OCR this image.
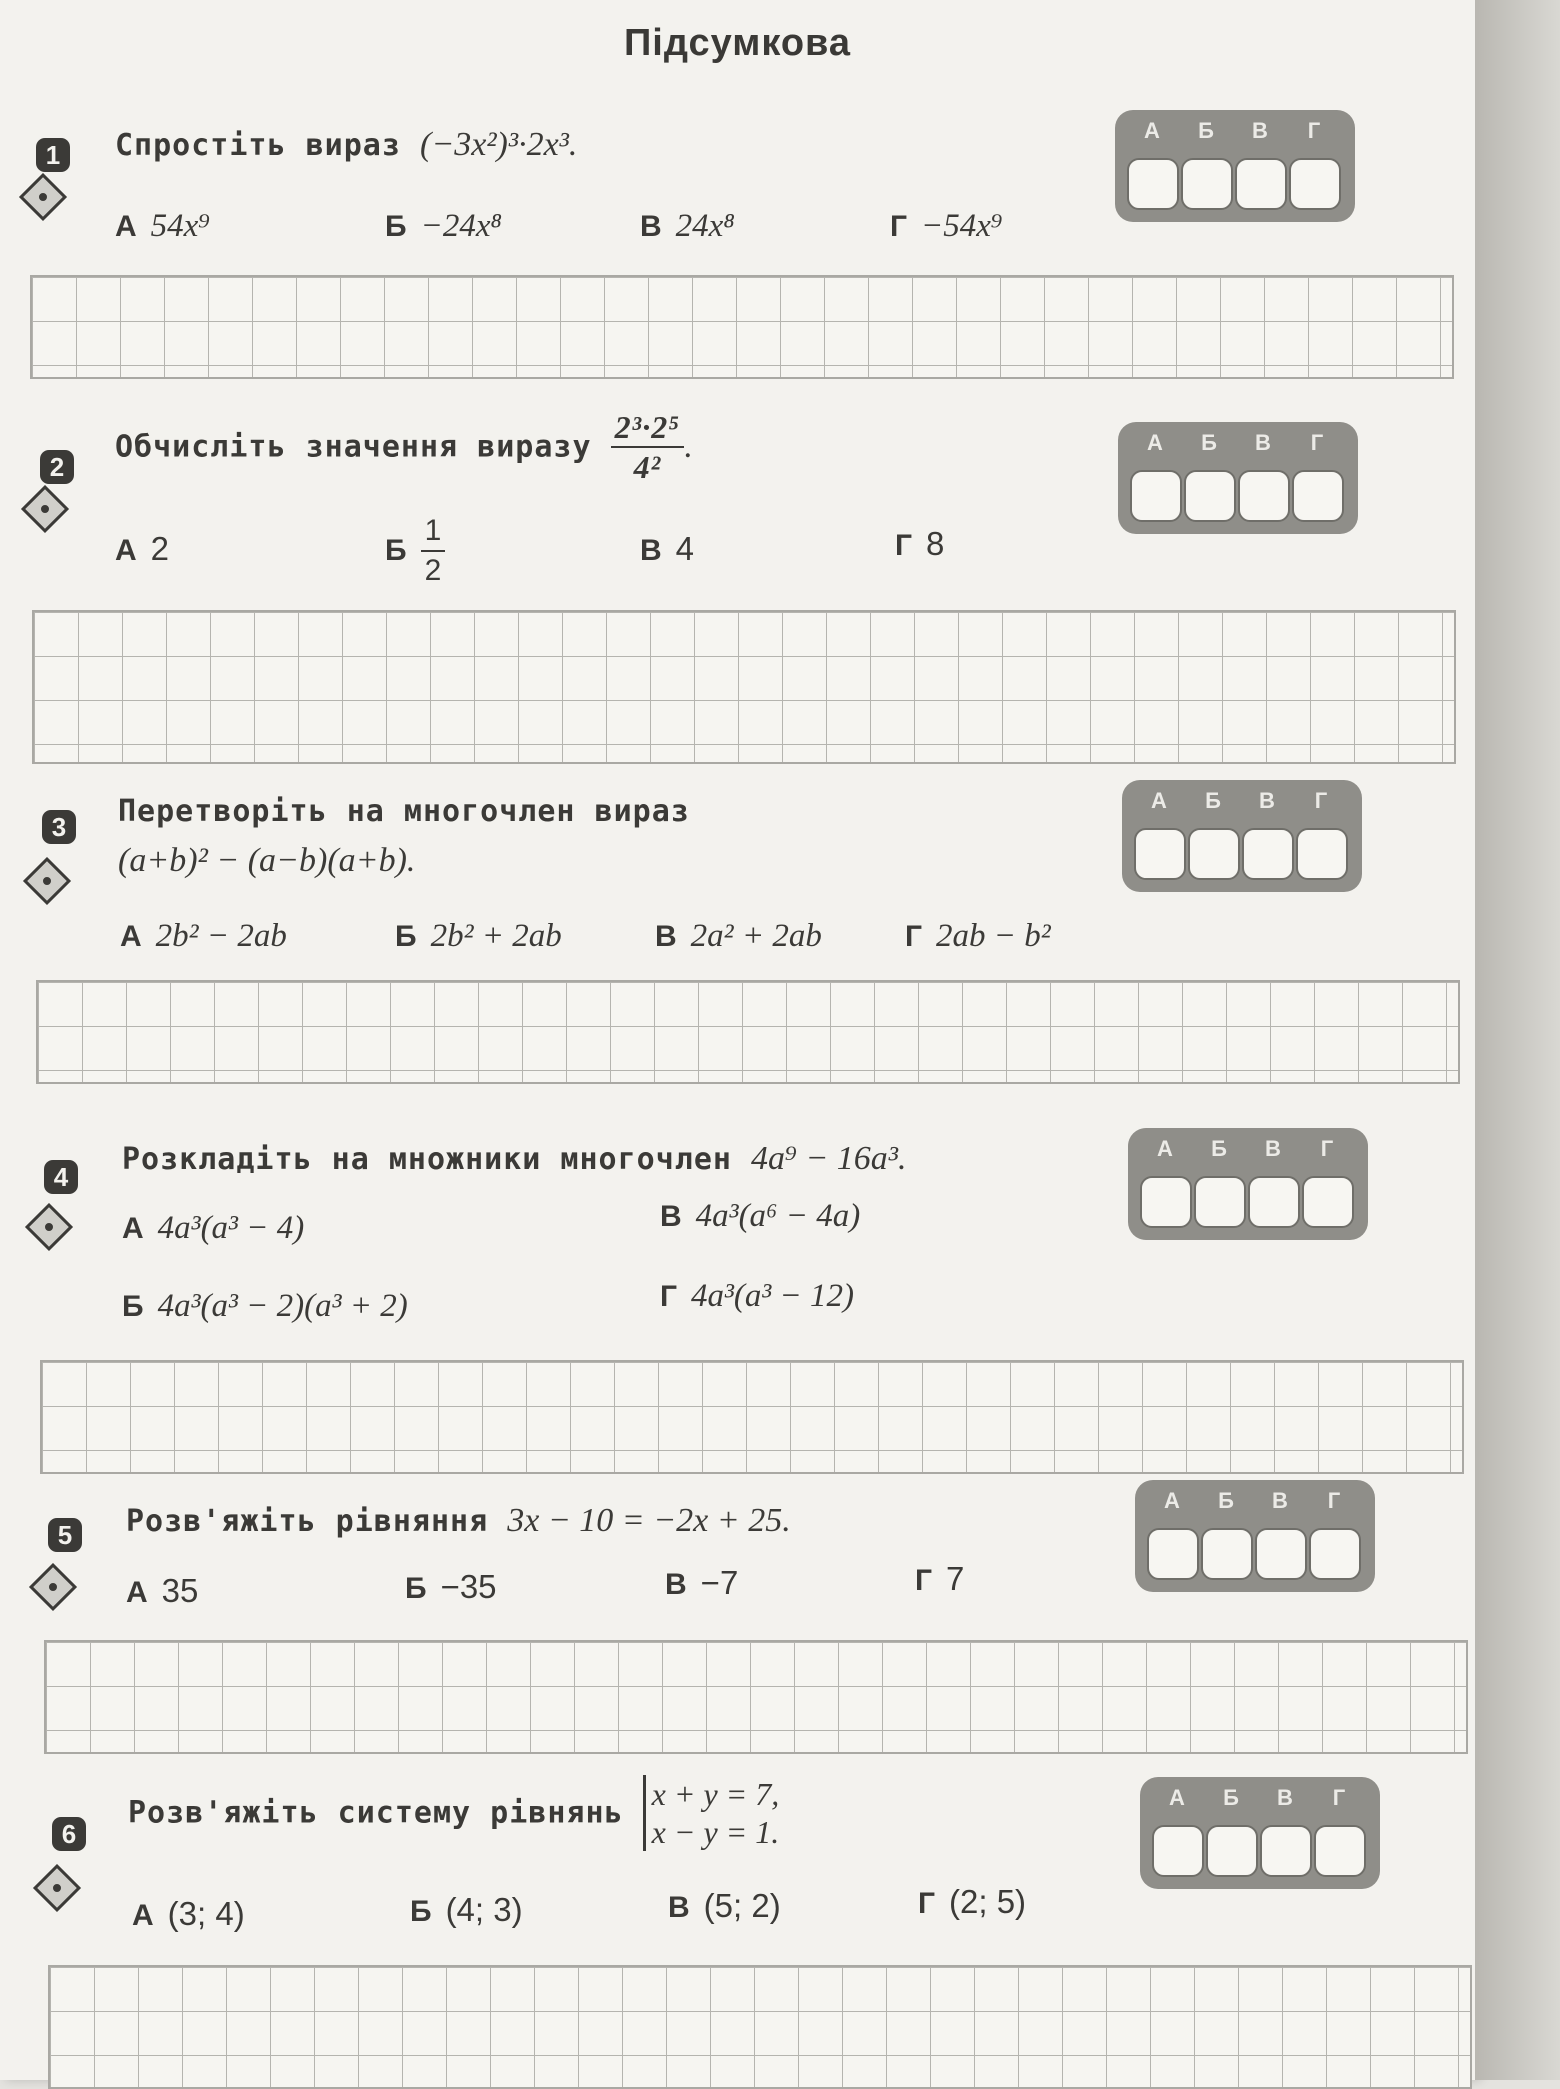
Підсумкова
1	Спростіть вираз (−3x²)³·2x³.
А 54x⁹	Б −24x⁸	В 24x⁸	Г −54x⁹
А	Б	В	Г
2
Обчисліть значення виразу $\frac{\text{2³·2⁵}}{\text{4²}}$ .
А 2	Б $\frac{1}{2}$	В 4	Г 8
А	Б	В	Г
3	Перетворіть на многочлен вираз
(a+b)² − (a−b)(a+b).
А 2b² − 2ab	Б 2b² + 2ab	В 2a² + 2ab	Г 2ab − b²
А	Б	В	Г
4	Розкладіть на множники многочлен 4a⁹ − 16a³.
А 4a³(a³ − 4)	В 4a³(a⁶ − 4a)
Б 4a³(a³ − 2)(a³ + 2)	Г 4a³(a³ − 12)
А	Б	В	Г
5	Розв'яжіть рівняння 3x − 10 = −2x + 25.
А 35	Б −35	В −7	Г 7
А	Б	В	Г
6
Розв'яжіть систему рівнянь
x + y = 7,
x − y = 1.
А (3; 4)	Б (4; 3)	В (5; 2)	Г (2; 5)
А	Б	В	Г
